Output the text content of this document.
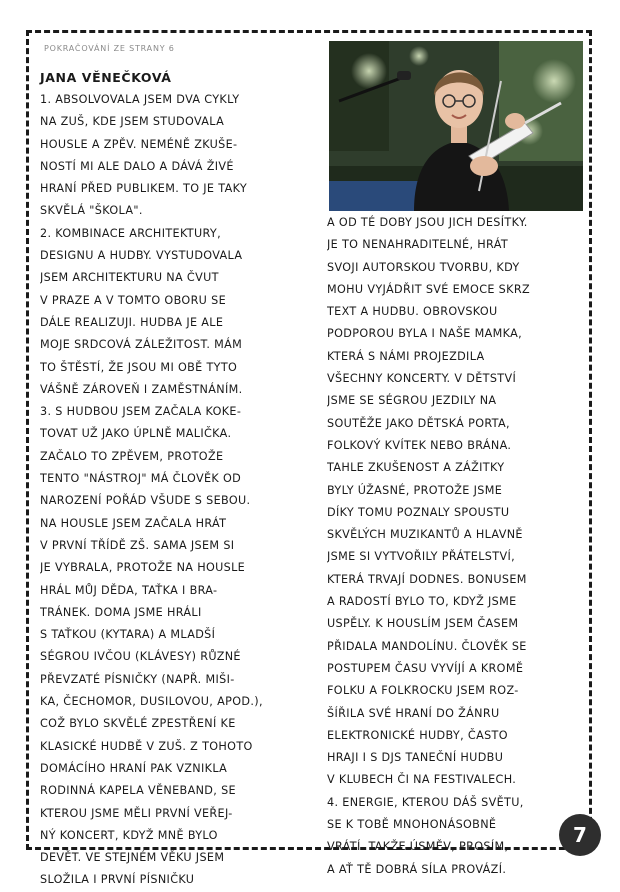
POKRAČOVÁNÍ ZE STRANY 6
JANA VĚNEČKOVÁ
1. ABSOLVOVALA JSEM DVA CYKLY
NA ZUŠ, KDE JSEM STUDOVALA
HOUSLE A ZPĚV. NEMÉNĚ ZKUŠE-
NOSTÍ MI ALE DALO A DÁVÁ ŽIVÉ
HRANÍ PŘED PUBLIKEM. TO JE TAKY
SKVĚLÁ "ŠKOLA".
2. KOMBINACE ARCHITEKTURY,
DESIGNU A HUDBY. VYSTUDOVALA
JSEM ARCHITEKTURU NA ČVUT
V PRAZE A V TOMTO OBORU SE
DÁLE REALIZUJI. HUDBA JE ALE
MOJE SRDCOVÁ ZÁLEŽITOST. MÁM
TO ŠTĚSTÍ, ŽE JSOU MI OBĚ TYTO
VÁŠNĚ ZÁROVEŇ I ZAMĚSTNÁNÍM.
3. S HUDBOU JSEM ZAČALA KOKE-
TOVAT UŽ JAKO ÚPLNĚ MALIČKA.
ZAČALO TO ZPĚVEM, PROTOŽE
TENTO "NÁSTROJ" MÁ ČLOVĚK OD
NAROZENÍ POŘÁD VŠUDE S SEBOU.
NA HOUSLE JSEM ZAČALA HRÁT
V PRVNÍ TŘÍDĚ ZŠ. SAMA JSEM SI
JE VYBRALA, PROTOŽE NA HOUSLE
HRÁL MŮJ DĚDA, TAŤKA I BRA-
TRÁNEK. DOMA JSME HRÁLI
S TAŤKOU (KYTARA) A MLADŠÍ
SÉGROU IVČOU (KLÁVESY) RŮZNÉ
PŘEVZATÉ PÍSNIČKY (NAPŘ. MIŠI-
KA, ČECHOMOR, DUSILOVOU, APOD.),
COŽ BYLO SKVĚLÉ ZPESTŘENÍ KE
KLASICKÉ HUDBĚ V ZUŠ. Z TOHOTO
DOMÁCÍHO HRANÍ PAK VZNIKLA
RODINNÁ KAPELA VĚNEBAND, SE
KTEROU JSME MĚLI PRVNÍ VEŘEJ-
NÝ KONCERT, KDYŽ MNĚ BYLO
DEVĚT. VE STEJNÉM VĚKU JSEM
SLOŽILA I PRVNÍ PÍSNIČKU
A OD TÉ DOBY JSOU JICH DESÍTKY.
JE TO NENAHRADITELNÉ, HRÁT
SVOJI AUTORSKOU TVORBU, KDY
MOHU VYJÁDŘIT SVÉ EMOCE SKRZ
TEXT A HUDBU. OBROVSKOU
PODPOROU BYLA I NAŠE MAMKA,
KTERÁ S NÁMI PROJEZDILA
VŠECHNY KONCERTY. V DĚTSTVÍ
JSME SE SÉGROU JEZDILY NA
SOUTĚŽE JAKO DĚTSKÁ PORTA,
FOLKOVÝ KVÍTEK NEBO BRÁNA.
TAHLE ZKUŠENOST A ZÁŽITKY
BYLY ÚŽASNÉ, PROTOŽE JSME
DÍKY TOMU POZNALY SPOUSTU
SKVĚLÝCH MUZIKANTŮ A HLAVNĚ
JSME SI VYTVOŘILY PŘÁTELSTVÍ,
KTERÁ TRVAJÍ DODNES. BONUSEM
A RADOSTÍ BYLO TO, KDYŽ JSME
USPĚLY. K HOUSLÍM JSEM ČASEM
PŘIDALA MANDOLÍNU. ČLOVĚK SE
POSTUPEM ČASU VYVÍJÍ A KROMĚ
FOLKU A FOLKROCKU JSEM ROZ-
ŠÍŘILA SVÉ HRANÍ DO ŽÁNRU
ELEKTRONICKÉ HUDBY, ČASTO
HRAJI I S DJS TANEČNÍ HUDBU
V KLUBECH ČI NA FESTIVALECH.
4. ENERGIE, KTEROU DÁŠ SVĚTU,
SE K TOBĚ MNOHONÁSOBNĚ
VRÁTÍ. TAKŽE ÚSMĚV, PROSÍM,
A AŤ TĚ DOBRÁ SÍLA PROVÁZÍ.
7
